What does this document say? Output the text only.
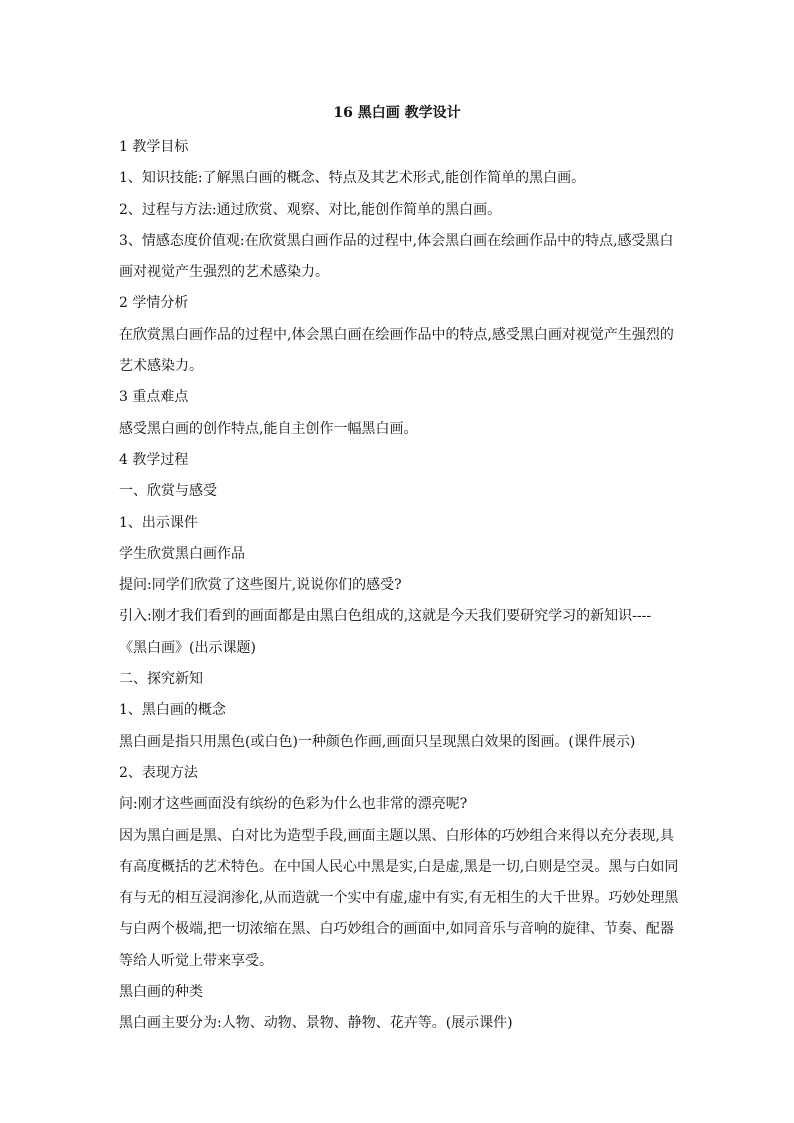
16 黑白画 教学设计
1 教学目标
1、知识技能:了解黑白画的概念、特点及其艺术形式,能创作简单的黑白画。
2、过程与方法:通过欣赏、观察、对比,能创作简单的黑白画。
3、情感态度价值观:在欣赏黑白画作品的过程中,体会黑白画在绘画作品中的特点,感受黑白
画对视觉产生强烈的艺术感染力。
2 学情分析
在欣赏黑白画作品的过程中,体会黑白画在绘画作品中的特点,感受黑白画对视觉产生强烈的
艺术感染力。
3 重点难点
感受黑白画的创作特点,能自主创作一幅黑白画。
4 教学过程
一、欣赏与感受
1、出示课件
学生欣赏黑白画作品
提问:同学们欣赏了这些图片,说说你们的感受?
引入:刚才我们看到的画面都是由黑白色组成的,这就是今天我们要研究学习的新知识----
《黑白画》(出示课题)
二、探究新知
1、黑白画的概念
黑白画是指只用黑色(或白色)一种颜色作画,画面只呈现黑白效果的图画。(课件展示)
2、表现方法
问:刚才这些画面没有缤纷的色彩为什么也非常的漂亮呢?
因为黑白画是黑、白对比为造型手段,画面主题以黑、白形体的巧妙组合来得以充分表现,具
有高度概括的艺术特色。在中国人民心中黑是实,白是虚,黑是一切,白则是空灵。黑与白如同
有与无的相互浸润渗化,从而造就一个实中有虚,虚中有实,有无相生的大千世界。巧妙处理黑
与白两个极端,把一切浓缩在黑、白巧妙组合的画面中,如同音乐与音响的旋律、节奏、配器
等给人听觉上带来享受。
黑白画的种类
黑白画主要分为:人物、动物、景物、静物、花卉等。(展示课件)
